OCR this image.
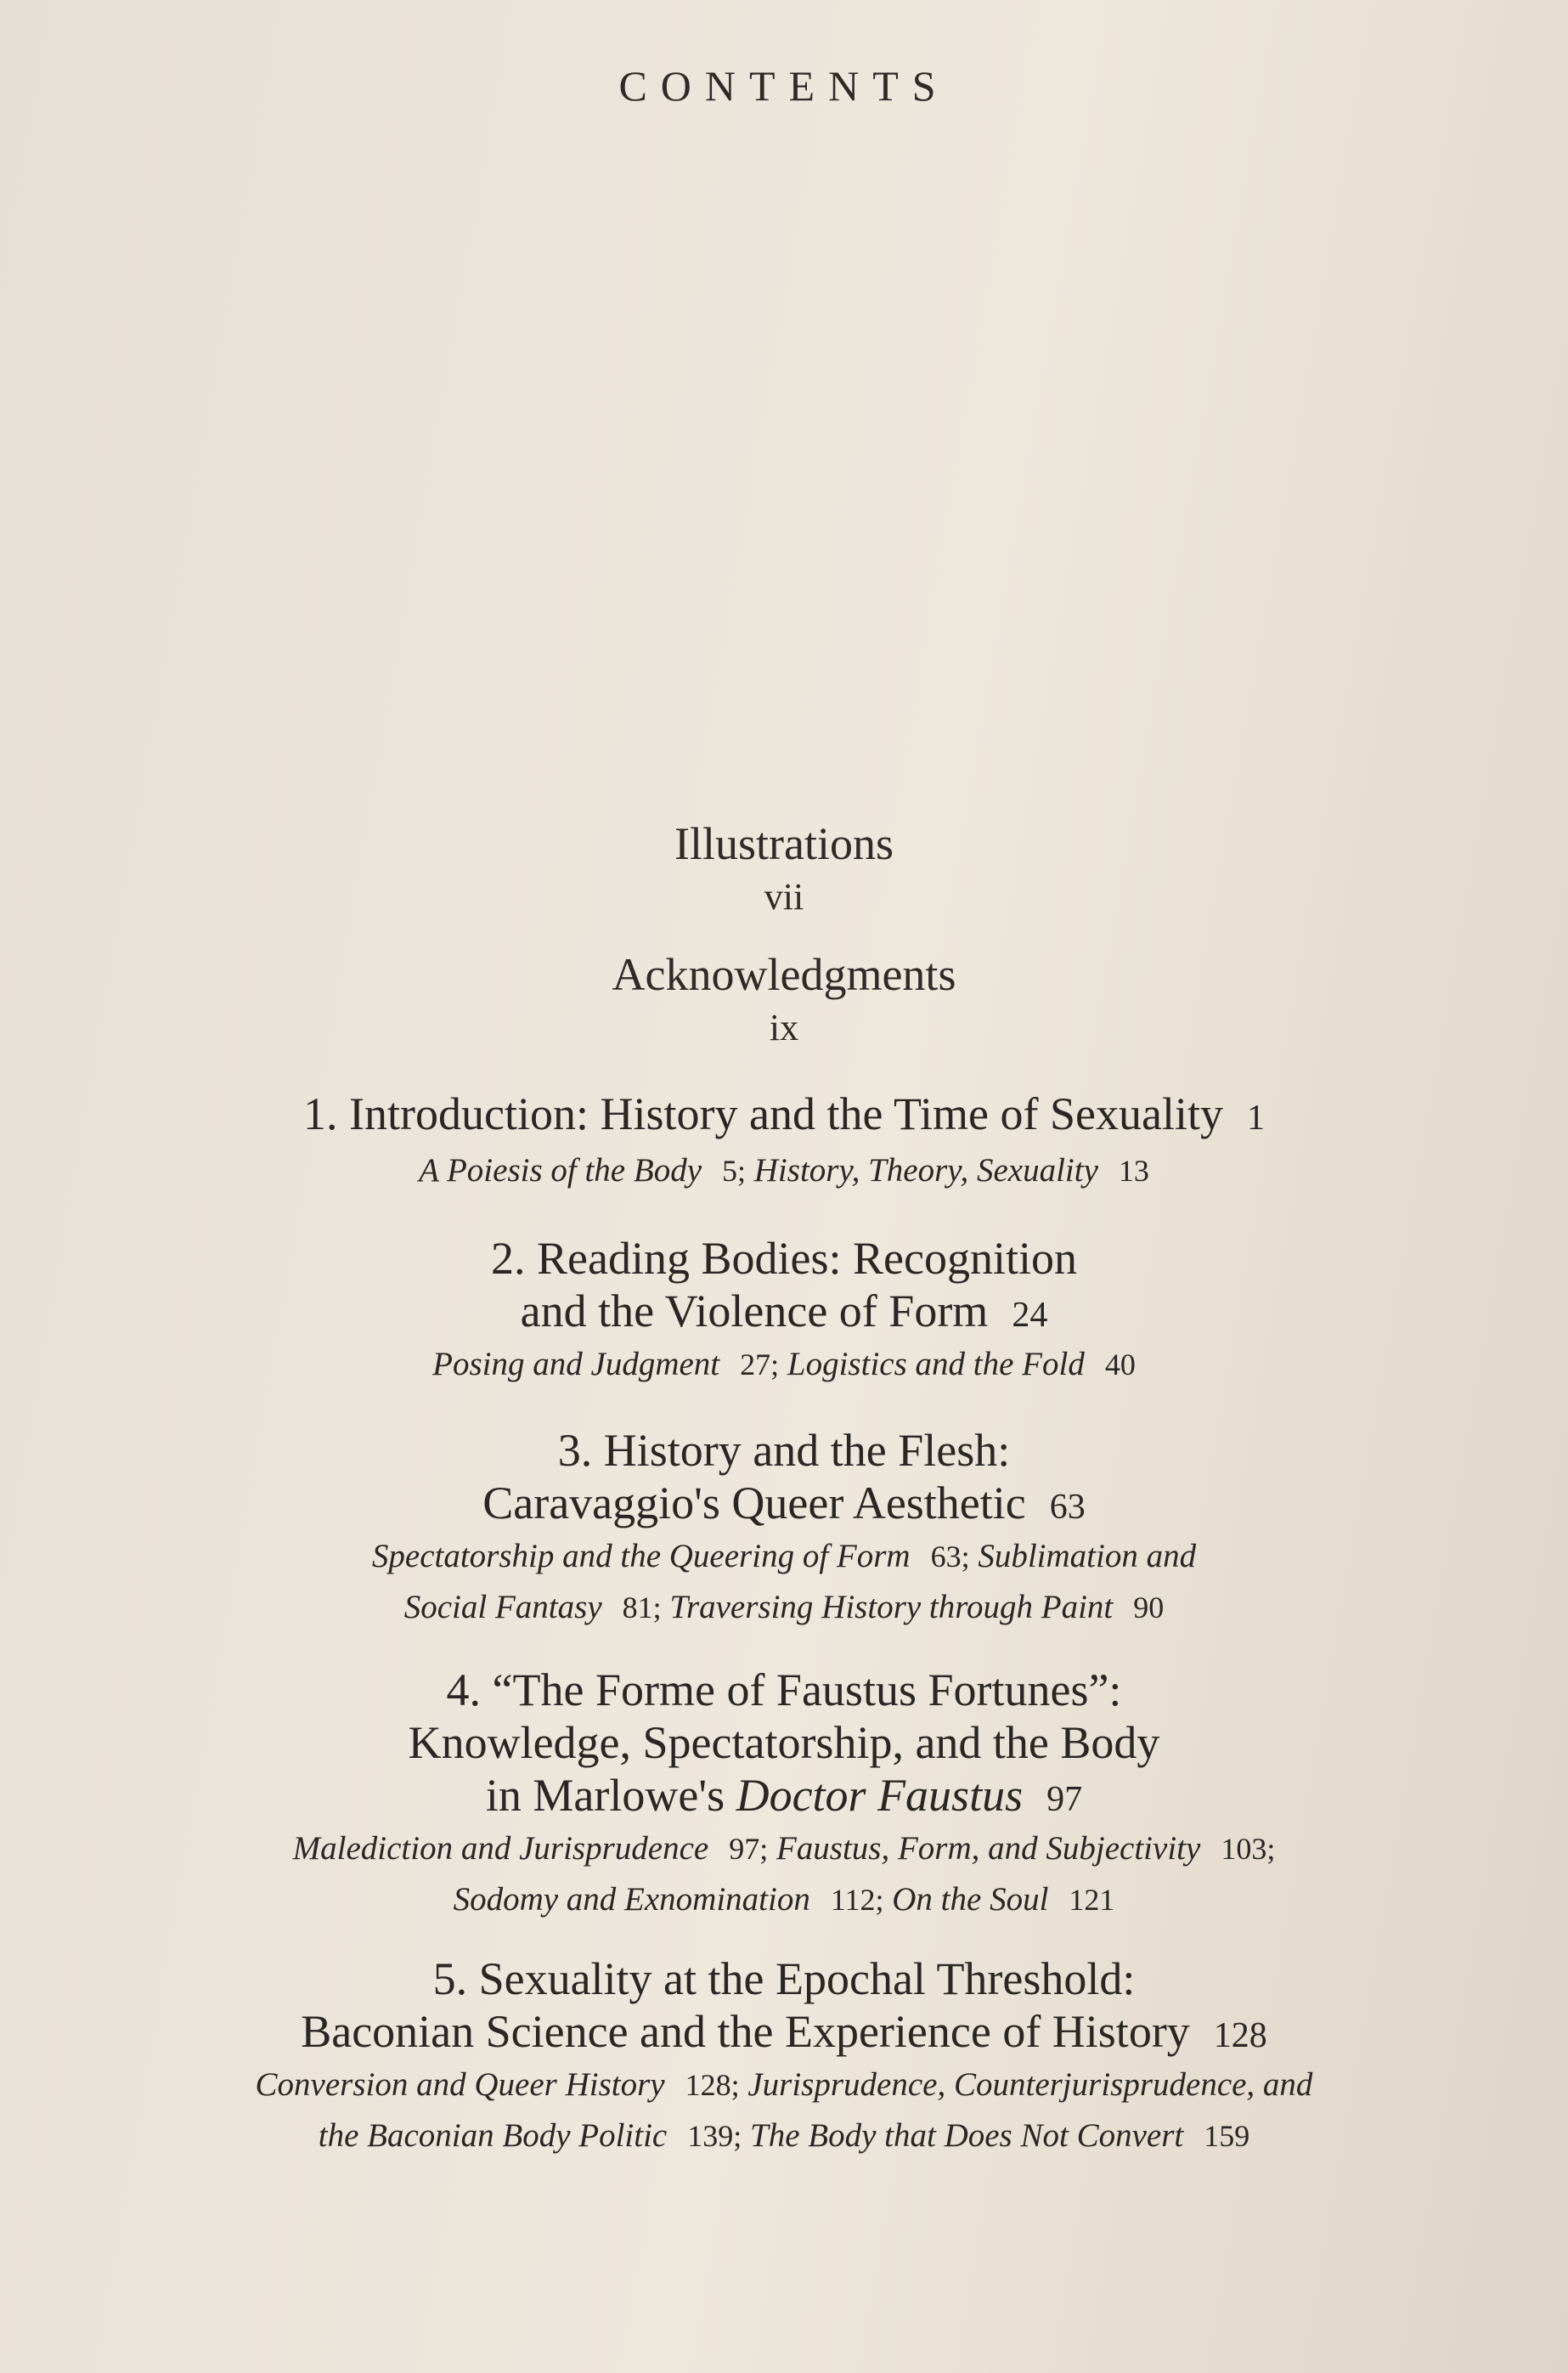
CONTENTS
Illustrations
vii
Acknowledgments
ix
1. Introduction: History and the Time of Sexuality 1
A Poiesis of the Body 5; History, Theory, Sexuality 13
2. Reading Bodies: Recognition
and the Violence of Form 24
Posing and Judgment 27; Logistics and the Fold 40
3. History and the Flesh:
Caravaggio's Queer Aesthetic 63
Spectatorship and the Queering of Form 63; Sublimation and
Social Fantasy 81; Traversing History through Paint 90
4. “The Forme of Faustus Fortunes”:
Knowledge, Spectatorship, and the Body
in Marlowe's Doctor Faustus 97
Malediction and Jurisprudence 97; Faustus, Form, and Subjectivity 103;
Sodomy and Exnomination 112; On the Soul 121
5. Sexuality at the Epochal Threshold:
Baconian Science and the Experience of History 128
Conversion and Queer History 128; Jurisprudence, Counterjurisprudence, and
the Baconian Body Politic 139; The Body that Does Not Convert 159
